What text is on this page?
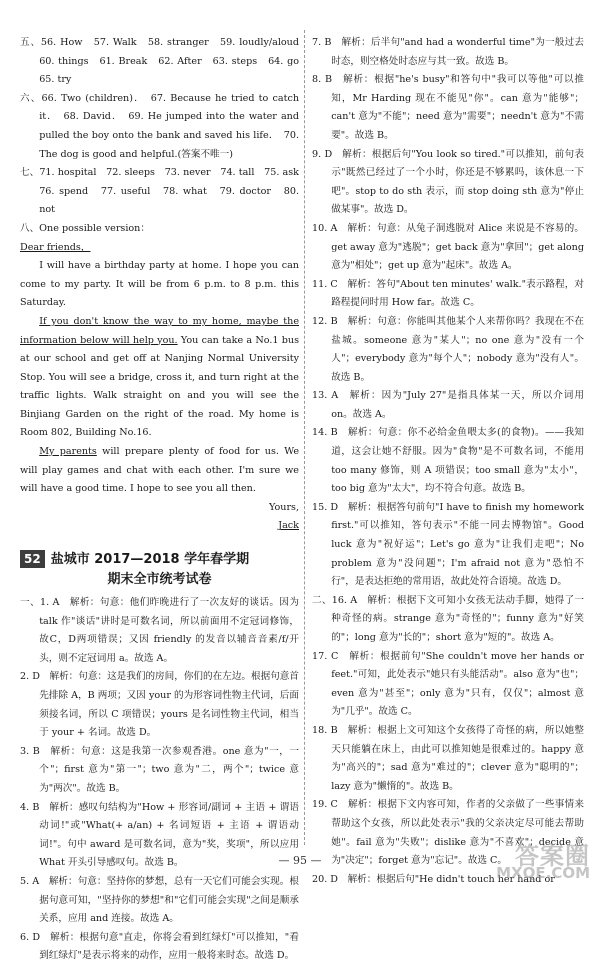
五、56. How　57. Walk　58. stranger　59. loudly/aloud　60. things　61. Break　62. After　63. steps　64. go　65. try

六、66. Two (children)．　67. Because he tried to catch it．　68. David．　69. He jumped into the water and pulled the boy onto the bank and saved his life．　70. The dog is good and helpful.(答案不唯一)

七、71. hospital　72. sleeps　73. never　74. tall　75. ask　76. spend　77. useful　78. what　79. doctor　80. not

八、One possible version：

Dear friends，

I will have a birthday party at home. I hope you can come to my party. It will be from 6 p.m. to 8 p.m. this Saturday.

If you don't know the way to my home, maybe the information below will help you. You can take a No.1 bus at our school and get off at Nanjing Normal University Stop. You will see a bridge, cross it, and turn right at the traffic lights. Walk straight on and you will see the Binjiang Garden on the right of the road. My home is Room 802, Building No.16.

My parents will prepare plenty of food for us. We will play games and chat with each other. I'm sure we will have a good time. I hope to see you all then.

Yours,

Jack

52 盐城市 2017—2018 学年春学期
期末全市统考试卷

一、1. A　解析：句意：他们昨晚进行了一次友好的谈话。因为 talk 作"谈话"讲时是可数名词，所以前面用不定冠词修饰，故C，D两项错误；又因 friendly 的发音以辅音音素/f/开头，则不定冠词用 a。故选 A。

2. D　解析：句意：这是我们的房间，你们的在左边。根据句意首先排除 A，B 两项；又因 your 的为形容词性物主代词，后面须接名词，所以 C 项错误；yours 是名词性物主代词，相当于 your + 名词。故选 D。

3. B　解析：句意：这是我第一次参观香港。one 意为"一，一个"；first 意为"第一"；two 意为"二，两个"；twice 意为"两次"。故选 B。

4. B　解析：感叹句结构为"How + 形容词/副词 + 主语 + 谓语动词!"或"What(+ a/an) + 名词短语 + 主语 + 谓语动词!"。句中 award 是可数名词，意为"奖，奖项"，所以应用 What 开头引导感叹句。故选 B。

5. A　解析：句意：坚持你的梦想，总有一天它们可能会实现。根据句意可知，"坚持你的梦想"和"它们可能会实现"之间是顺承关系，应用 and 连接。故选 A。

6. D　解析：根据句意"直走，你将会看到红绿灯"可以推知，"看到红绿灯"是表示将来的动作，应用一般将来时态。故选 D。

7. B　解析：后半句"and had a wonderful time"为一般过去时态，则空格处时态应与其一致。故选 B。

8. B　解析：根据"he's busy"和答句中"我可以等他"可以推知，Mr Harding 现在不能见"你"。can 意为"能够"；can't 意为"不能"；need 意为"需要"；needn't 意为"不需要"。故选 B。

9. D　解析：根据后句"You look so tired."可以推知，前句表示"既然已经过了一个小时，你还是不够累吗，该休息一下吧"。stop to do sth 表示，而 stop doing sth 意为"停止做某事"。故选 D。

10. A　解析：句意：从兔子洞逃脱对 Alice 来说是不容易的。get away 意为"逃脱"；get back 意为"拿回"；get along 意为"相处"；get up 意为"起床"。故选 A。

11. C　解析：答句"About ten minutes' walk."表示路程，对路程提问时用 How far。故选 C。

12. B　解析：句意：你能叫其他某个人来帮你吗？我现在不在盐城。someone 意为"某人"；no one 意为"没有一个人"；everybody 意为"每个人"；nobody 意为"没有人"。故选 B。

13. A　解析：因为"July 27"是指具体某一天，所以介词用 on。故选 A。

14. B　解析：句意：你不必给金鱼喂太多(的食物)。——我知道，这会让她不舒服。因为"食物"是不可数名词，不能用 too many 修饰，则 A 项错误；too small 意为"太小"，too big 意为"太大"，均不符合句意。故选 B。

15. D　解析：根据答句前句"I have to finish my homework first."可以推知，答句表示"不能一同去博物馆"。Good luck 意为"祝好运"；Let's go 意为"让我们走吧"；No problem 意为"没问题"；I'm afraid not 意为"恐怕不行"，是表达拒绝的常用语，故此处符合语境。故选 D。

二、16. A　解析：根据下文可知小女孩无法动手脚，她得了一种奇怪的病。strange 意为"奇怪的"；funny 意为"好笑的"；long 意为"长的"；short 意为"短的"。故选 A。

17. C　解析：根据前句"She couldn't move her hands or feet."可知，此处表示"她只有头能活动"。also 意为"也"；even 意为"甚至"；only 意为"只有，仅仅"；almost 意为"几乎"。故选 C。

18. B　解析：根据上文可知这个女孩得了奇怪的病，所以她整天只能躺在床上，由此可以推知她是很难过的。happy 意为"高兴的"；sad 意为"难过的"；clever 意为"聪明的"；lazy 意为"懒惰的"。故选 B。

19. C　解析：根据下文内容可知，作者的父亲做了一些事情来帮助这个女孩，所以此处表示"我的父亲决定尽可能去帮助她"。fail 意为"失败"；dislike 意为"不喜欢"；decide 意为"决定"；forget 意为"忘记"。故选 C。

20. D　解析：根据后句"He didn't touch her hand or

— 95 —	答案圈
MXQE.COM
